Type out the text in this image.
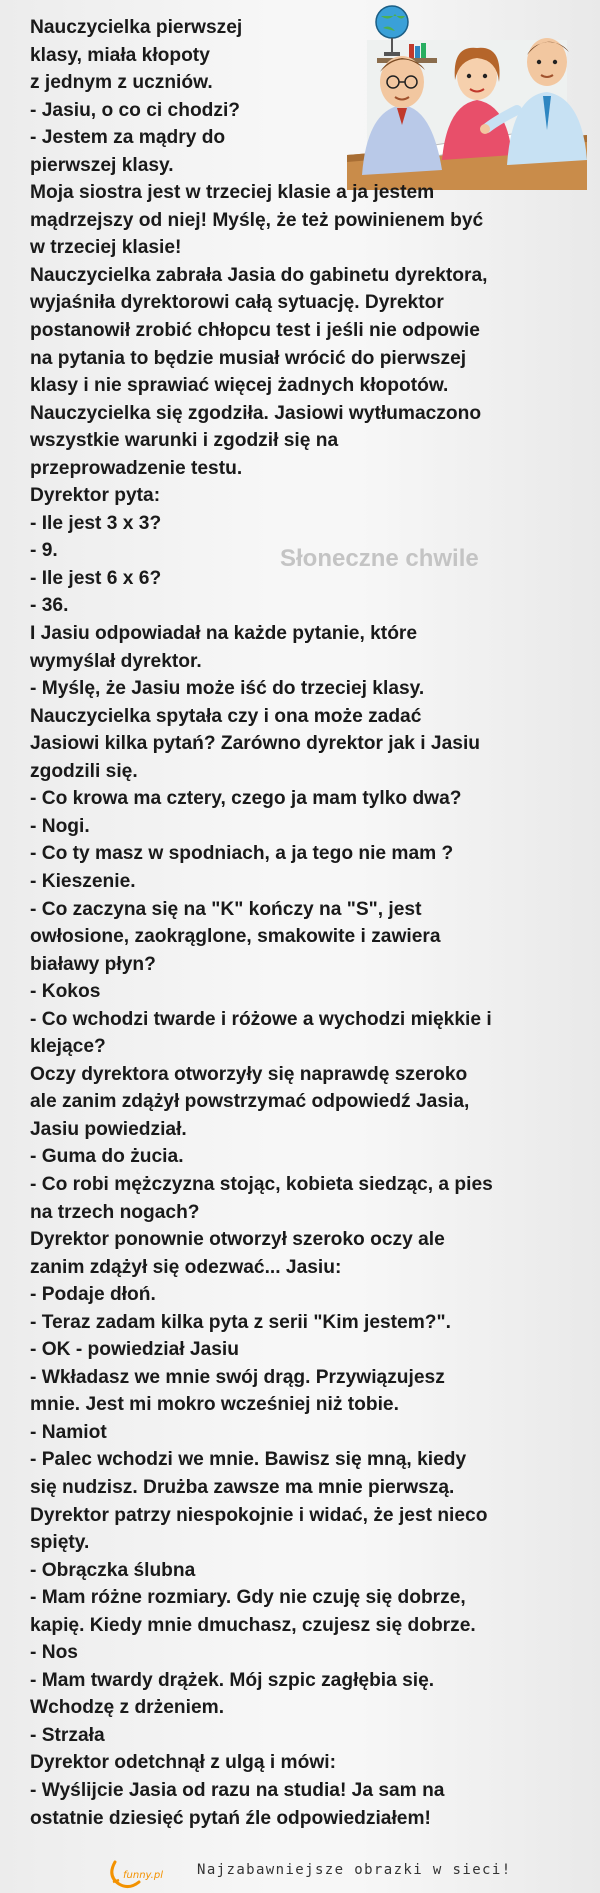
Nauczycielka pierwszej
klasy, miała kłopoty
z jednym z uczniów.
- Jasiu, o co ci chodzi?
- Jestem za mądry do
pierwszej klasy.
Moja siostra jest w trzeciej klasie a ja jestem
mądrzejszy od niej! Myślę, że też powinienem być
w trzeciej klasie!
Nauczycielka zabrała Jasia do gabinetu dyrektora,
wyjaśniła dyrektorowi całą sytuację. Dyrektor
postanowił zrobić chłopcu test i jeśli nie odpowie
na pytania to będzie musiał wrócić do pierwszej
klasy i nie sprawiać więcej żadnych kłopotów.
Nauczycielka się zgodziła. Jasiowi wytłumaczono
wszystkie warunki i zgodził się na
przeprowadzenie testu.
Dyrektor pyta:
- Ile jest 3 x 3?
- 9.
- Ile jest 6 x 6?
- 36.
I Jasiu odpowiadał na każde pytanie, które
wymyślał dyrektor.
- Myślę, że Jasiu może iść do trzeciej klasy.
Nauczycielka spytała czy i ona może zadać
Jasiowi kilka pytań? Zarówno dyrektor jak i Jasiu
zgodzili się.
- Co krowa ma cztery, czego ja mam tylko dwa?
- Nogi.
- Co ty masz w spodniach, a ja tego nie mam ?
- Kieszenie.
- Co zaczyna się na "K" kończy na "S", jest
owłosione, zaokrąglone, smakowite i zawiera
białawy płyn?
- Kokos
- Co wchodzi twarde i różowe a wychodzi miękkie i
klejące?
Oczy dyrektora otworzyły się naprawdę szeroko
ale zanim zdążył powstrzymać odpowiedź Jasia,
Jasiu powiedział.
- Guma do żucia.
- Co robi mężczyzna stojąc, kobieta siedząc, a pies
na trzech nogach?
Dyrektor ponownie otworzył szeroko oczy ale
zanim zdążył się odezwać... Jasiu:
- Podaje dłoń.
- Teraz zadam kilka pyta z serii "Kim jestem?".
- OK - powiedział Jasiu
- Wkładasz we mnie swój drąg. Przywiązujesz
mnie. Jest mi mokro wcześniej niż tobie.
- Namiot
- Palec wchodzi we mnie. Bawisz się mną, kiedy
się nudzisz. Drużba zawsze ma mnie pierwszą.
Dyrektor patrzy niespokojnie i widać, że jest nieco
spięty.
- Obrączka ślubna
- Mam różne rozmiary. Gdy nie czuję się dobrze,
kapię. Kiedy mnie dmuchasz, czujesz się dobrze.
- Nos
- Mam twardy drążek. Mój szpic zagłębia się.
Wchodzę z drżeniem.
- Strzała
Dyrektor odetchnął z ulgą i mówi:
- Wyślijcie Jasia od razu na studia! Ja sam na
ostatnie dziesięć pytań źle odpowiedziałem!
Słoneczne chwile
funny.pl Najzabawniejsze obrazki w sieci!
